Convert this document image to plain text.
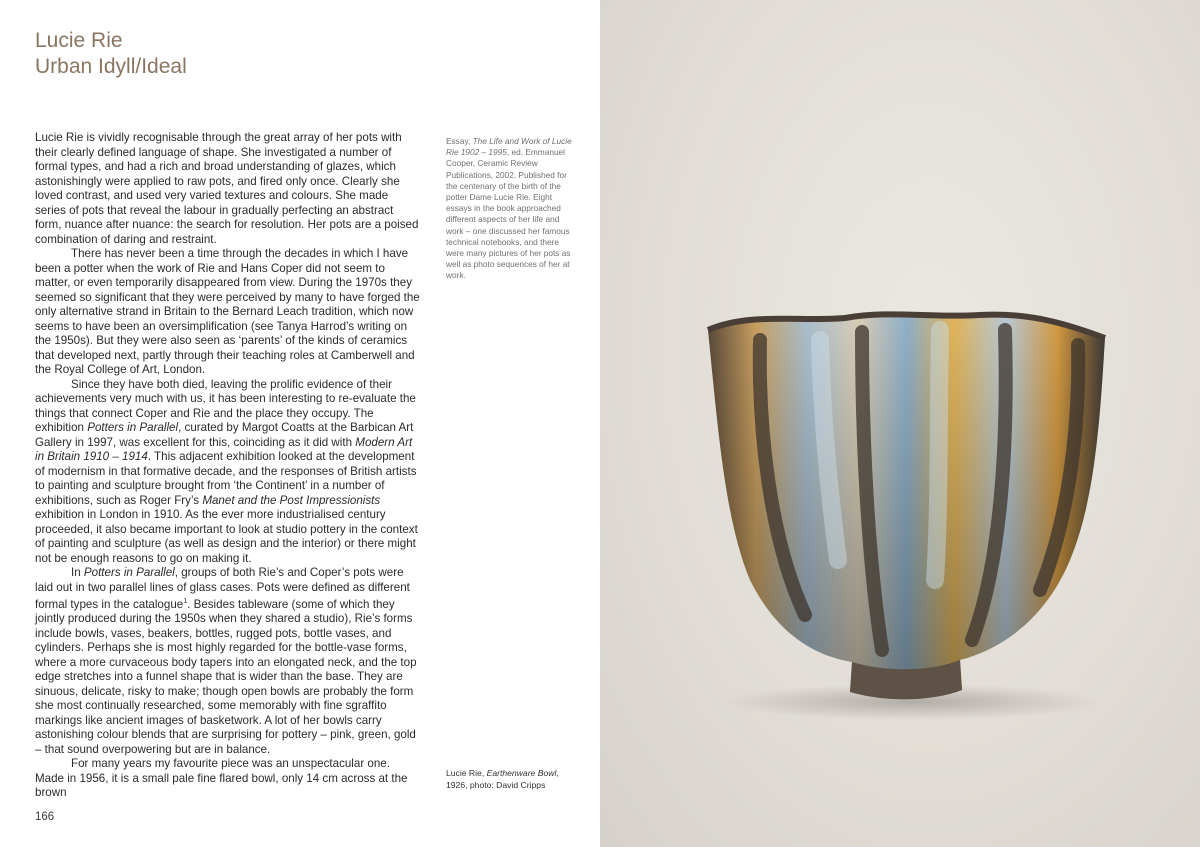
Lucie Rie
Urban Idyll/Ideal

Lucie Rie is vividly recognisable through the great array of her pots with their clearly defined language of shape. She investigated a number of formal types, and had a rich and broad understanding of glazes, which astonishingly were applied to raw pots, and fired only once. Clearly she loved contrast, and used very varied textures and colours. She made series of pots that reveal the labour in gradually perfecting an abstract form, nuance after nuance: the search for resolution. Her pots are a poised combination of daring and restraint.

There has never been a time through the decades in which I have been a potter when the work of Rie and Hans Coper did not seem to matter, or even temporarily disappeared from view. During the 1970s they seemed so significant that they were perceived by many to have forged the only alternative strand in Britain to the Bernard Leach tradition, which now seems to have been an oversimplification (see Tanya Harrod’s writing on the 1950s). But they were also seen as ‘parents’ of the kinds of ceramics that developed next, partly through their teaching roles at Camberwell and the Royal College of Art, London.

Since they have both died, leaving the prolific evidence of their achievements very much with us, it has been interesting to re-evaluate the things that connect Coper and Rie and the place they occupy. The exhibition Potters in Parallel, curated by Margot Coatts at the Barbican Art Gallery in 1997, was excellent for this, coinciding as it did with Modern Art in Britain 1910 – 1914. This adjacent exhibition looked at the development of modernism in that formative decade, and the responses of British artists to painting and sculpture brought from ‘the Continent’ in a number of exhibitions, such as Roger Fry’s Manet and the Post Impressionists exhibition in London in 1910. As the ever more industrialised century proceeded, it also became important to look at studio pottery in the context of painting and sculpture (as well as design and the interior) or there might not be enough reasons to go on making it.

In Potters in Parallel, groups of both Rie’s and Coper’s pots were laid out in two parallel lines of glass cases. Pots were defined as different formal types in the catalogue$^1$. Besides tableware (some of which they jointly produced during the 1950s when they shared a studio), Rie’s forms include bowls, vases, beakers, bottles, rugged pots, bottle vases, and cylinders. Perhaps she is most highly regarded for the bottle-vase forms, where a more curvaceous body tapers into an elongated neck, and the top edge stretches into a funnel shape that is wider than the base. They are sinuous, delicate, risky to make; though open bowls are probably the form she most continually researched, some memorably with fine sgraffito markings like ancient images of basketwork. A lot of her bowls carry astonishing colour blends that are surprising for pottery – pink, green, gold – that sound overpowering but are in balance.

For many years my favourite piece was an unspectacular one. Made in 1956, it is a small pale fine flared bowl, only 14 cm across at the brown

Essay, The Life and Work of Lucie Rie 1902 – 1995, ed. Emmanuel Cooper, Ceramic Review Publications, 2002. Published for the centenary of the birth of the potter Dame Lucie Rie. Eight essays in the book approached different aspects of her life and work – one discussed her famous technical notebooks, and there were many pictures of her pots as well as photo sequences of her at work.

Lucie Rie, Earthenware Bowl, 1926, photo: David Cripps

166
